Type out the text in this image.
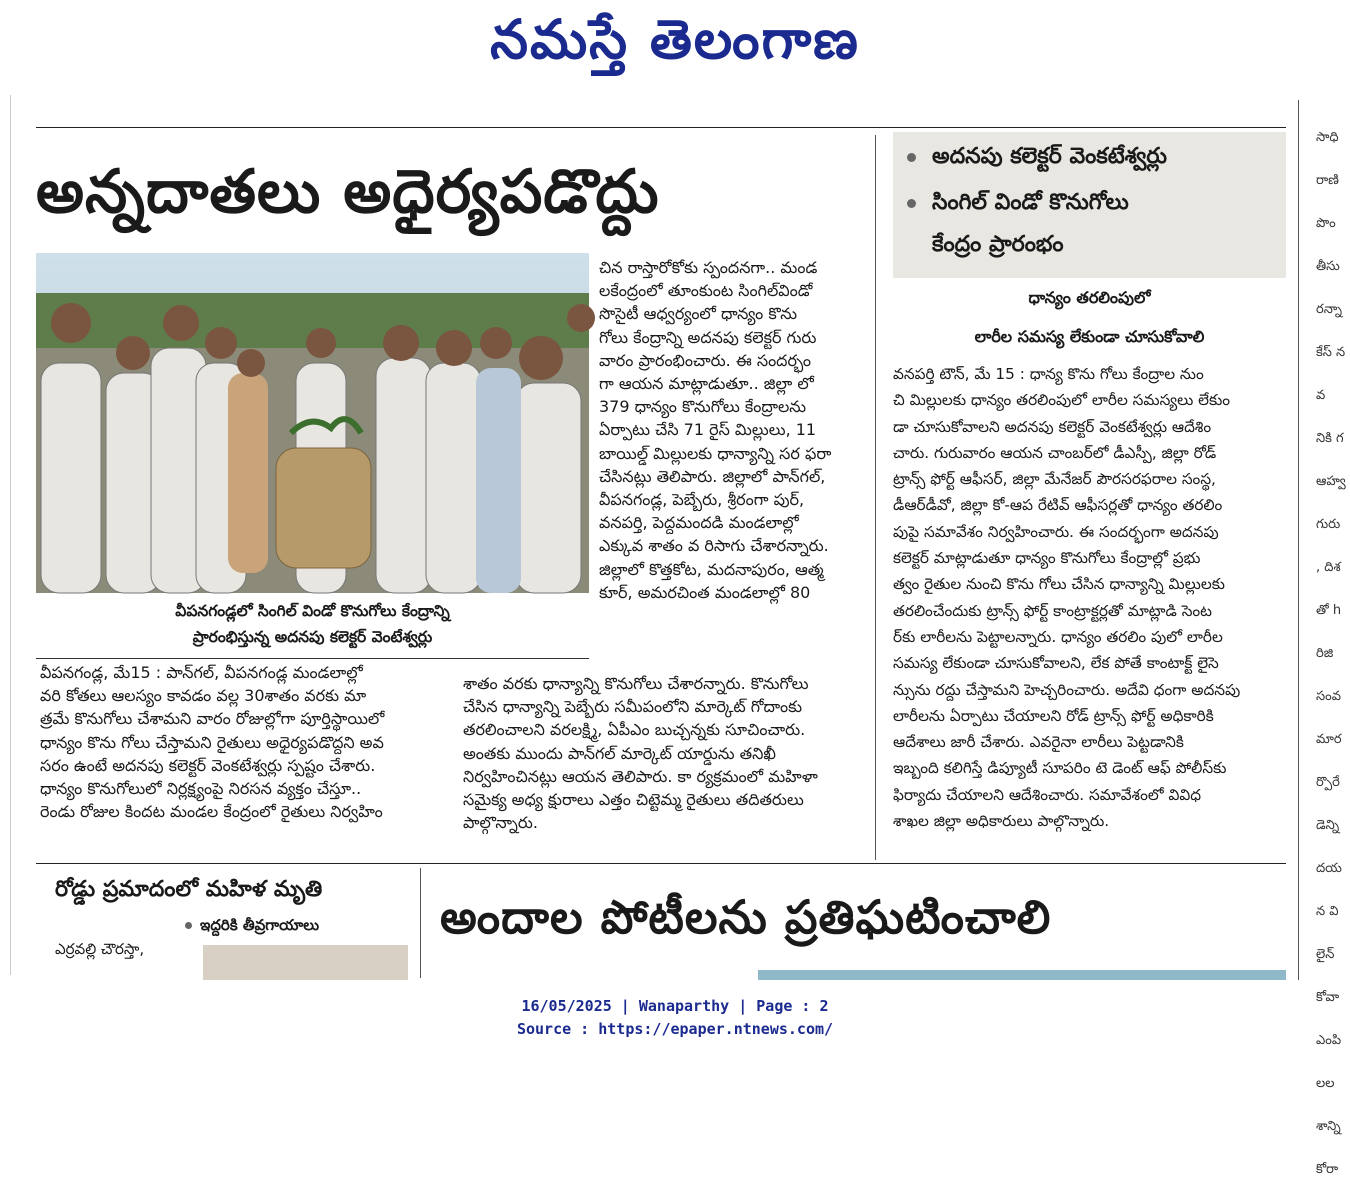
నమస్తే తెలంగాణ

సాధి

రాణి

పొం

తీసు

రన్నా

కేస్ న

వ

నికి గ

ఆహ్వ

గురు

, దిశ

తో h

రిజి

సంవ

మార

ర్పొరే

డెన్ని

దయ

న వి

లైన్

కోవా

ఎంపి

లల

శాన్ని

కోరా

అన్నదాతలు అధైర్యపడొద్దు
వీపనగండ్లలో సింగిల్ విండో కొనుగోలు కేంద్రాన్ని
ప్రారంభిస్తున్న అదనపు కలెక్టర్ వెంటేశ్వర్లు

వీపనగండ్ల, మే15 : పాన్‌గల్, వీపనగండ్ల మండలాల్లో

వరి కోతలు ఆలస్యం కావడం వల్ల 30శాతం వరకు మా

త్రమే కొనుగోలు చేశామని వారం రోజుల్లోగా పూర్తిస్థాయిలో

ధాన్యం కొను గోలు చేస్తామని రైతులు అధైర్యపడొద్దని అవ

సరం ఉంటే అదనపు కలెక్టర్ వెంకటేశ్వర్లు స్పష్టం చేశారు.

ధాన్యం కొనుగోలులో నిర్లక్ష్యంపై నిరసన వ్యక్తం చేస్తూ..

రెండు రోజుల కిందట మండల కేంద్రంలో రైతులు నిర్వహిం

చిన రాస్తారోకోకు స్పందనగా.. మండ

లకేంద్రంలో తూంకుంట సింగిల్‌విండో

సొసైటీ ఆధ్వర్యంలో ధాన్యం కొను

గోలు కేంద్రాన్ని అదనపు కలెక్టర్ గురు

వారం ప్రారంభించారు. ఈ సందర్భం

గా ఆయన మాట్లాడుతూ.. జిల్లా లో

379 ధాన్యం కొనుగోలు కేంద్రాలను

ఏర్పాటు చేసి 71 రైస్ మిల్లులు, 11

బాయిల్డ్ మిల్లులకు ధాన్యాన్ని సర ఫరా

చేసినట్లు తెలిపారు. జిల్లాలో పాన్‌గల్,

వీపనగండ్ల, పెబ్బేరు, శ్రీరంగా పుర్,

వనపర్తి, పెద్దమందడి మండలాల్లో

ఎక్కువ శాతం వ రిసాగు చేశారన్నారు.

జిల్లాలో కొత్తకోట, మదనాపురం, ఆత్మ

కూర్, అమరచింత మండలాల్లో 80

శాతం వరకు ధాన్యాన్ని కొనుగోలు చేశారన్నారు. కొనుగోలు

చేసిన ధాన్యాన్ని పెబ్బేరు సమీపంలోని మార్కెట్ గోదాంకు

తరలించాలని వరలక్ష్మి, ఏపీఎం బుచ్చన్నకు సూచించారు.

అంతకు ముందు పాన్‌గల్ మార్కెట్ యార్డును తనిఖీ

నిర్వహించినట్లు ఆయన తెలిపారు. కా ర్యక్రమంలో మహిళా

సమైక్య అధ్య క్షురాలు ఎత్తం చిట్టెమ్మ రైతులు తదితరులు

పాల్గొన్నారు.

అదనపు కలెక్టర్ వెంకటేశ్వర్లు
సింగిల్ విండో కొనుగోలు
కేంద్రం ప్రారంభం
ధాన్యం తరలింపులో
లారీల సమస్య లేకుండా చూసుకోవాలి

వనపర్తి టౌన్, మే 15 : ధాన్య కొను గోలు కేంద్రాల నుం

చి మిల్లులకు ధాన్యం తరలింపులో లారీల సమస్యలు లేకుం

డా చూసుకోవాలని అదనపు కలెక్టర్ వెంకటేశ్వర్లు ఆదేశిం

చారు. గురువారం ఆయన చాంబర్‌లో డీఎస్పీ, జిల్లా రోడ్

ట్రాన్స్ ఫోర్ట్ ఆఫీసర్, జిల్లా మేనేజర్ పౌరసరఫరాల సంస్థ,

డీఆర్‌డీవో, జిల్లా కో-ఆప రేటివ్ ఆఫీసర్లతో ధాన్యం తరలిం

పుపై సమావేశం నిర్వహించారు. ఈ సందర్భంగా అదనపు

కలెక్టర్ మాట్లాడుతూ ధాన్యం కొనుగోలు కేంద్రాల్లో ప్రభు

త్వం రైతుల నుంచి కొను గోలు చేసిన ధాన్యాన్ని మిల్లులకు

తరలించేందుకు ట్రాన్స్ ఫోర్ట్ కాంట్రాక్టర్లతో మాట్లాడి సెంట

ర్‌కు లారీలను పెట్టాలన్నారు. ధాన్యం తరలిం పులో లారీల

సమస్య లేకుండా చూసుకోవాలని, లేక పోతే కాంటాక్ట్ లైసె

న్సును రద్దు చేస్తామని హెచ్చరించారు. అదేవి ధంగా అదనపు

లారీలను ఏర్పాటు చేయాలని రోడ్ ట్రాన్స్ ఫోర్ట్ అధికారికి

ఆదేశాలు జారీ చేశారు. ఎవరైనా లారీలు పెట్టడానికి

ఇబ్బంది కలిగిస్తే డిప్యూటీ సూపరిం టె డెంట్ ఆఫ్ పోలీస్‌కు

ఫిర్యాదు చేయాలని ఆదేశించారు. సమావేశంలో వివిధ

శాఖల జిల్లా అధికారులు పాల్గొన్నారు.

రోడ్డు ప్రమాదంలో మహిళ మృతి
ఇద్దరికి తీవ్రగాయాలు
ఎర్రవల్లి చౌరస్తా,
అందాల పోటీలను ప్రతిఘటించాలి
16/05/2025 | Wanaparthy | Page : 2
Source : https://epaper.ntnews.com/
